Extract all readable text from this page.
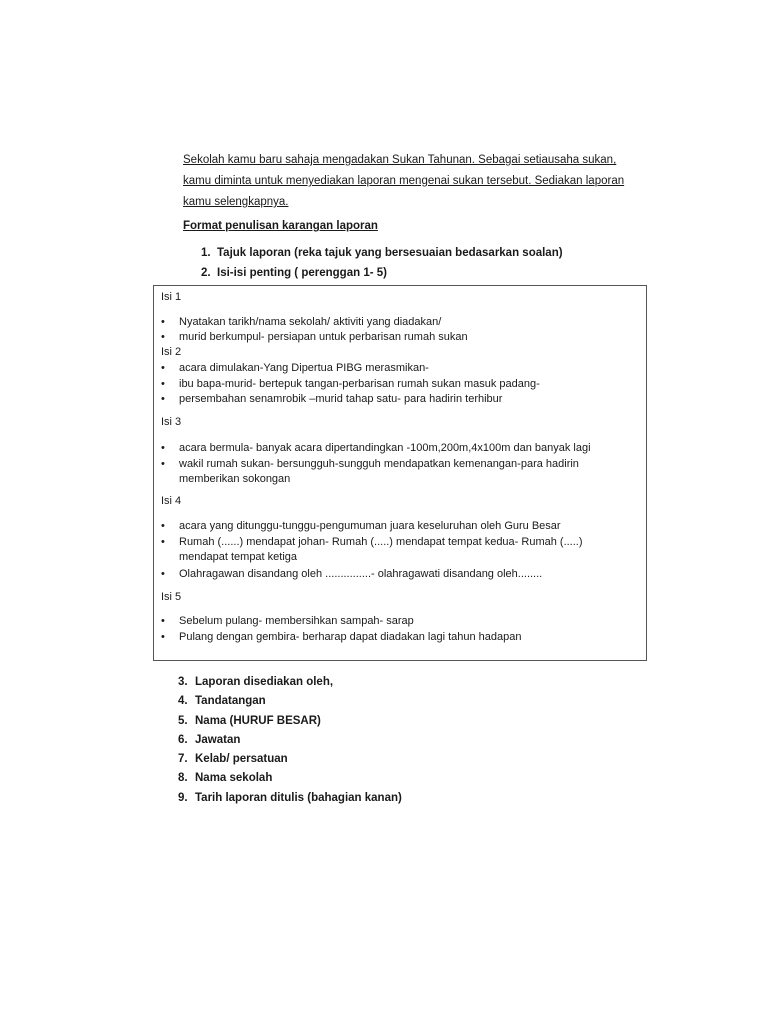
Sekolah kamu baru sahaja mengadakan Sukan Tahunan. Sebagai setiausaha sukan,
kamu diminta untuk menyediakan laporan mengenai sukan tersebut. Sediakan laporan
kamu selengkapnya.
Format penulisan karangan laporan
1. Tajuk laporan (reka tajuk yang bersesuaian bedasarkan soalan)
2. Isi-isi penting ( perenggan 1- 5)
Isi 1
• Nyatakan tarikh/nama sekolah/ aktiviti yang diadakan/
• murid berkumpul- persiapan untuk perbarisan rumah sukan
Isi 2
• acara dimulakan-Yang Dipertua PIBG merasmikan-
• ibu bapa-murid- bertepuk tangan-perbarisan rumah sukan masuk padang-
• persembahan senamrobik –murid tahap satu- para hadirin terhibur
Isi 3
• acara bermula- banyak acara dipertandingkan -100m,200m,4x100m dan banyak lagi
• wakil rumah sukan- bersungguh-sungguh mendapatkan kemenangan-para hadirin
memberikan sokongan
Isi 4
• acara yang ditunggu-tunggu-pengumuman juara keseluruhan oleh Guru Besar
• Rumah (......) mendapat johan- Rumah (.....) mendapat tempat kedua- Rumah (.....)
mendapat tempat ketiga
• Olahragawan disandang oleh ...............- olahragawati disandang oleh........
Isi 5
• Sebelum pulang- membersihkan sampah- sarap
• Pulang dengan gembira- berharap dapat diadakan lagi tahun hadapan
3. Laporan disediakan oleh,
4. Tandatangan
5. Nama (HURUF BESAR)
6. Jawatan
7. Kelab/ persatuan
8. Nama sekolah
9. Tarih laporan ditulis (bahagian kanan)
